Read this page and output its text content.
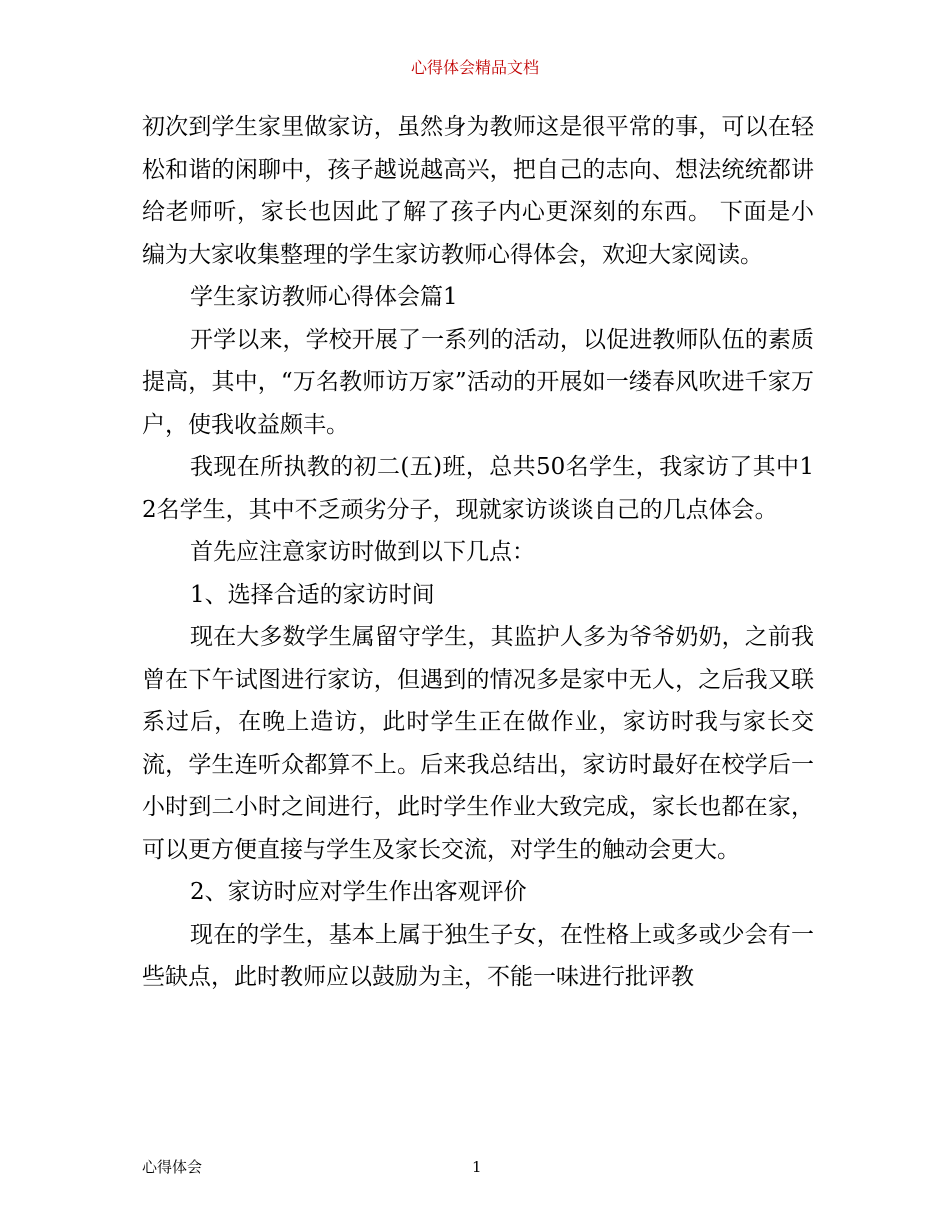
心得体会精品文档

初次到学生家里做家访，虽然身为教师这是很平常的事，可以在轻松和谐的闲聊中，孩子越说越高兴，把自己的志向、想法统统都讲给老师听，家长也因此了解了孩子内心更深刻的东西。 下面是小编为大家收集整理的学生家访教师心得体会，欢迎大家阅读。

学生家访教师心得体会篇1

开学以来，学校开展了一系列的活动，以促进教师队伍的素质提高，其中，“万名教师访万家”活动的开展如一缕春风吹进千家万户，使我收益颇丰。

我现在所执教的初二(五)班，总共50名学生，我家访了其中12名学生，其中不乏顽劣分子，现就家访谈谈自己的几点体会。

首先应注意家访时做到以下几点：

1、选择合适的家访时间

现在大多数学生属留守学生，其监护人多为爷爷奶奶，之前我曾在下午试图进行家访，但遇到的情况多是家中无人，之后我又联系过后，在晚上造访，此时学生正在做作业，家访时我与家长交流，学生连听众都算不上。后来我总结出，家访时最好在校学后一小时到二小时之间进行，此时学生作业大致完成，家长也都在家，可以更方便直接与学生及家长交流，对学生的触动会更大。

2、家访时应对学生作出客观评价

现在的学生，基本上属于独生子女，在性格上或多或少会有一些缺点，此时教师应以鼓励为主，不能一味进行批评教

心得体会	1
